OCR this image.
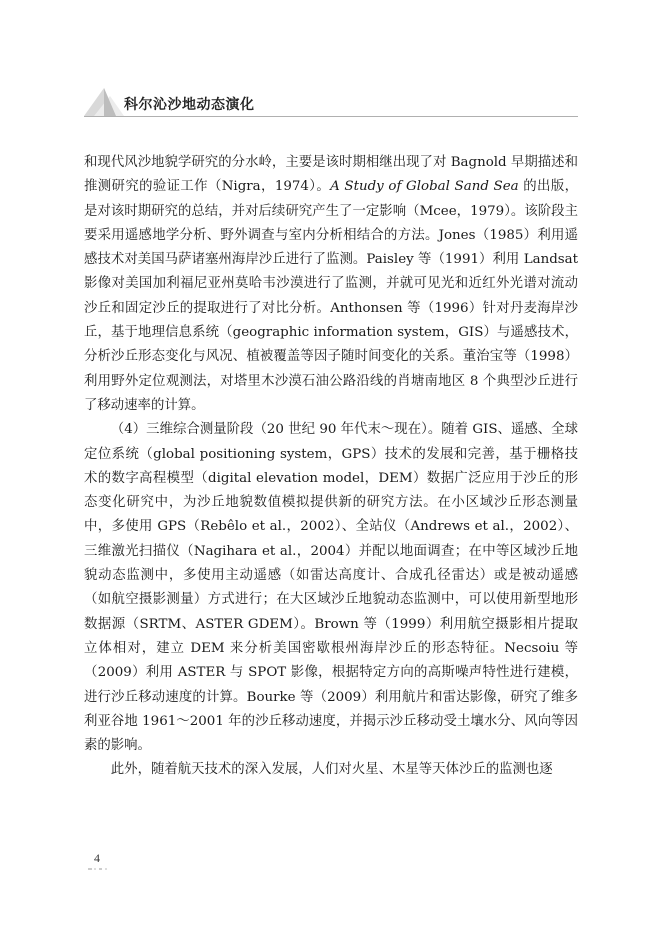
科尔沁沙地动态演化

和现代风沙地貌学研究的分水岭，主要是该时期相继出现了对 Bagnold 早期描述和推测研究的验证工作（Nigra，1974）。A Study of Global Sand Sea 的出版，是对该时期研究的总结，并对后续研究产生了一定影响（Mcee，1979）。该阶段主要采用遥感地学分析、野外调查与室内分析相结合的方法。Jones（1985）利用遥感技术对美国马萨诸塞州海岸沙丘进行了监测。Paisley 等（1991）利用 Landsat 影像对美国加利福尼亚州莫哈韦沙漠进行了监测，并就可见光和近红外光谱对流动沙丘和固定沙丘的提取进行了对比分析。Anthonsen 等（1996）针对丹麦海岸沙丘，基于地理信息系统（geographic information system，GIS）与遥感技术，分析沙丘形态变化与风况、植被覆盖等因子随时间变化的关系。董治宝等（1998）利用野外定位观测法，对塔里木沙漠石油公路沿线的肖塘南地区 8 个典型沙丘进行了移动速率的计算。

（4）三维综合测量阶段（20 世纪 90 年代末～现在）。随着 GIS、遥感、全球定位系统（global positioning system，GPS）技术的发展和完善，基于栅格技术的数字高程模型（digital elevation model，DEM）数据广泛应用于沙丘的形态变化研究中，为沙丘地貌数值模拟提供新的研究方法。在小区域沙丘形态测量中，多使用 GPS（Rebêlo et al.，2002）、全站仪（Andrews et al.，2002）、三维激光扫描仪（Nagihara et al.，2004）并配以地面调查；在中等区域沙丘地貌动态监测中，多使用主动遥感（如雷达高度计、合成孔径雷达）或是被动遥感（如航空摄影测量）方式进行；在大区域沙丘地貌动态监测中，可以使用新型地形数据源（SRTM、ASTER GDEM）。Brown 等（1999）利用航空摄影相片提取立体相对，建立 DEM 来分析美国密歇根州海岸沙丘的形态特征。Necsoiu 等（2009）利用 ASTER 与 SPOT 影像，根据特定方向的高斯噪声特性进行建模，进行沙丘移动速度的计算。Bourke 等（2009）利用航片和雷达影像，研究了维多利亚谷地 1961～2001 年的沙丘移动速度，并揭示沙丘移动受土壤水分、风向等因素的影响。

此外，随着航天技术的深入发展，人们对火星、木星等天体沙丘的监测也逐

4
